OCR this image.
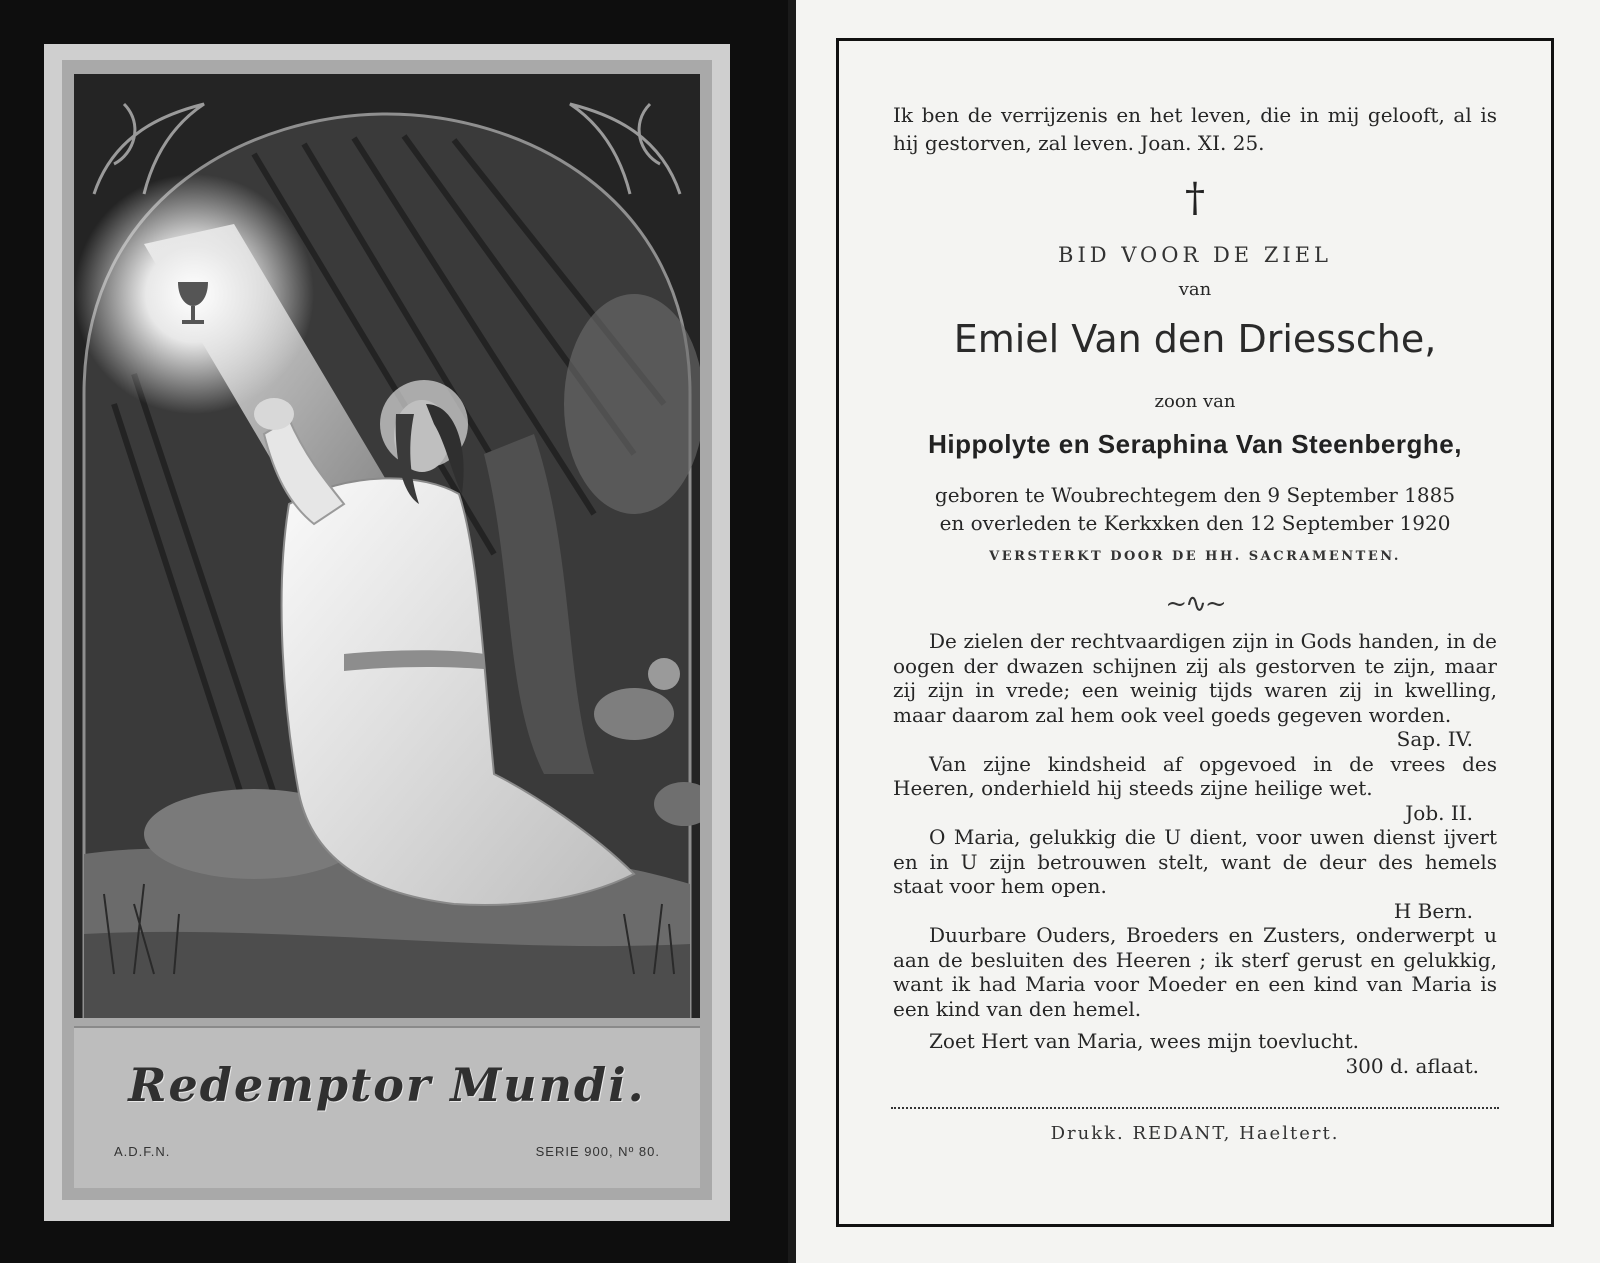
Redemptor Mundi.
A.D.F.N.	SERIE 900, Nº 80.
Ik ben de verrijzenis en het leven, die in mij gelooft, al is hij gestorven, zal leven. Joan. XI. 25.
†
BID VOOR DE ZIEL
van
Emiel Van den Driessche,
zoon van
Hippolyte en Seraphina Van Steenberghe,
geboren te Woubrechtegem den 9 September 1885
en overleden te Kerkxken den 12 September 1920
VERSTERKT DOOR DE HH. SACRAMENTEN.
~∿~
De zielen der rechtvaardigen zijn in Gods handen, in de oogen der dwazen schijnen zij als gestorven te zijn, maar zij zijn in vrede; een weinig tijds waren zij in kwelling, maar daarom zal hem ook veel goeds gegeven worden.
Sap. IV.
Van zijne kindsheid af opgevoed in de vrees des Heeren, onderhield hij steeds zijne heilige wet.
Job. II.
O Maria, gelukkig die U dient, voor uwen dienst ijvert en in U zijn betrouwen stelt, want de deur des hemels staat voor hem open.
H Bern.
Duurbare Ouders, Broeders en Zusters, onderwerpt u aan de besluiten des Heeren ; ik sterf gerust en gelukkig, want ik had Maria voor Moeder en een kind van Maria is een kind van den hemel.
Zoet Hert van Maria, wees mijn toevlucht.
300 d. aflaat.
Drukk. REDANT, Haeltert.
